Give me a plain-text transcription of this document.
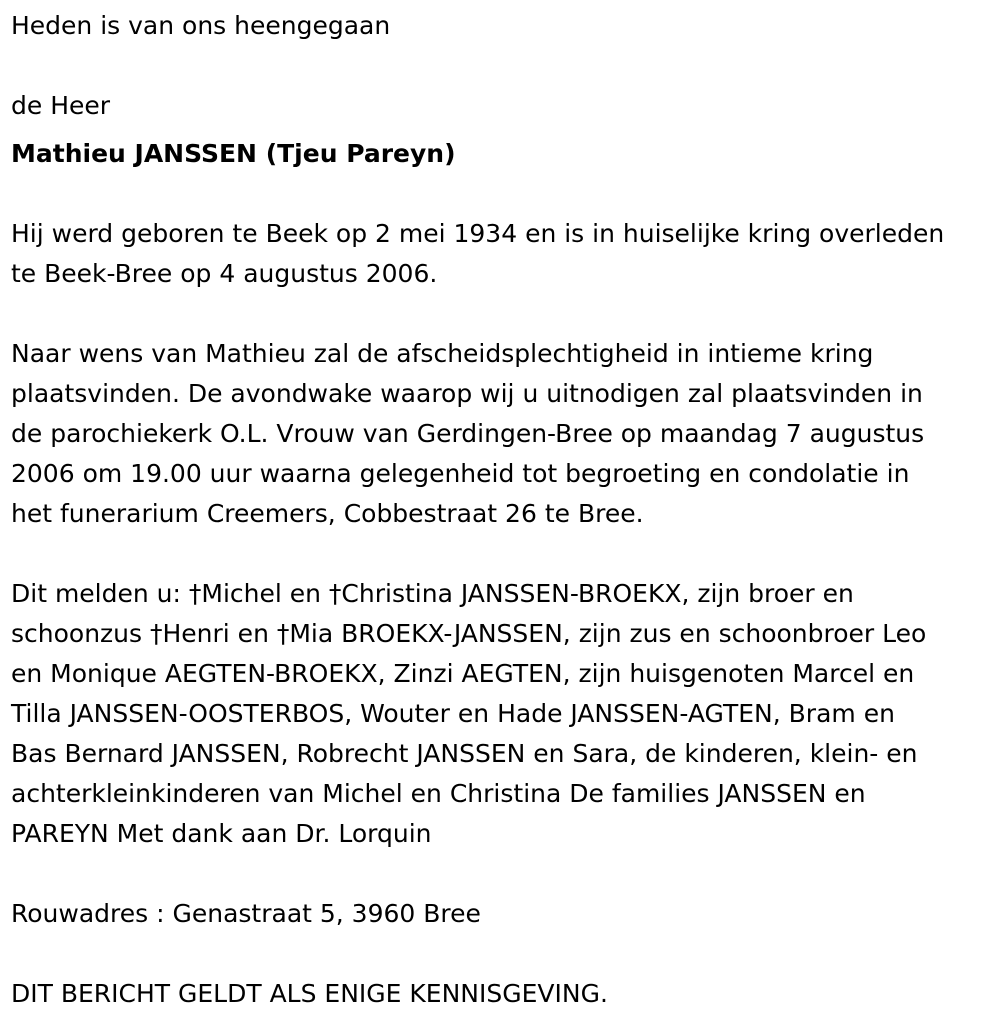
Heden is van ons heengegaan
de Heer
Mathieu JANSSEN (Tjeu Pareyn)
Hij werd geboren te Beek op 2 mei 1934 en is in huiselijke kring overleden
te Beek-Bree op 4 augustus 2006.
Naar wens van Mathieu zal de afscheidsplechtigheid in intieme kring
plaatsvinden. De avondwake waarop wij u uitnodigen zal plaatsvinden in
de parochiekerk O.L. Vrouw van Gerdingen-Bree op maandag 7 augustus
2006 om 19.00 uur waarna gelegenheid tot begroeting en condolatie in
het funerarium Creemers, Cobbestraat 26 te Bree.
Dit melden u: †Michel en †Christina JANSSEN-BROEKX, zijn broer en
schoonzus †Henri en †Mia BROEKX-JANSSEN, zijn zus en schoonbroer Leo
en Monique AEGTEN-BROEKX, Zinzi AEGTEN, zijn huisgenoten Marcel en
Tilla JANSSEN-OOSTERBOS, Wouter en Hade JANSSEN-AGTEN, Bram en
Bas Bernard JANSSEN, Robrecht JANSSEN en Sara, de kinderen, klein- en
achterkleinkinderen van Michel en Christina De families JANSSEN en
PAREYN Met dank aan Dr. Lorquin
Rouwadres : Genastraat 5, 3960 Bree
DIT BERICHT GELDT ALS ENIGE KENNISGEVING.
